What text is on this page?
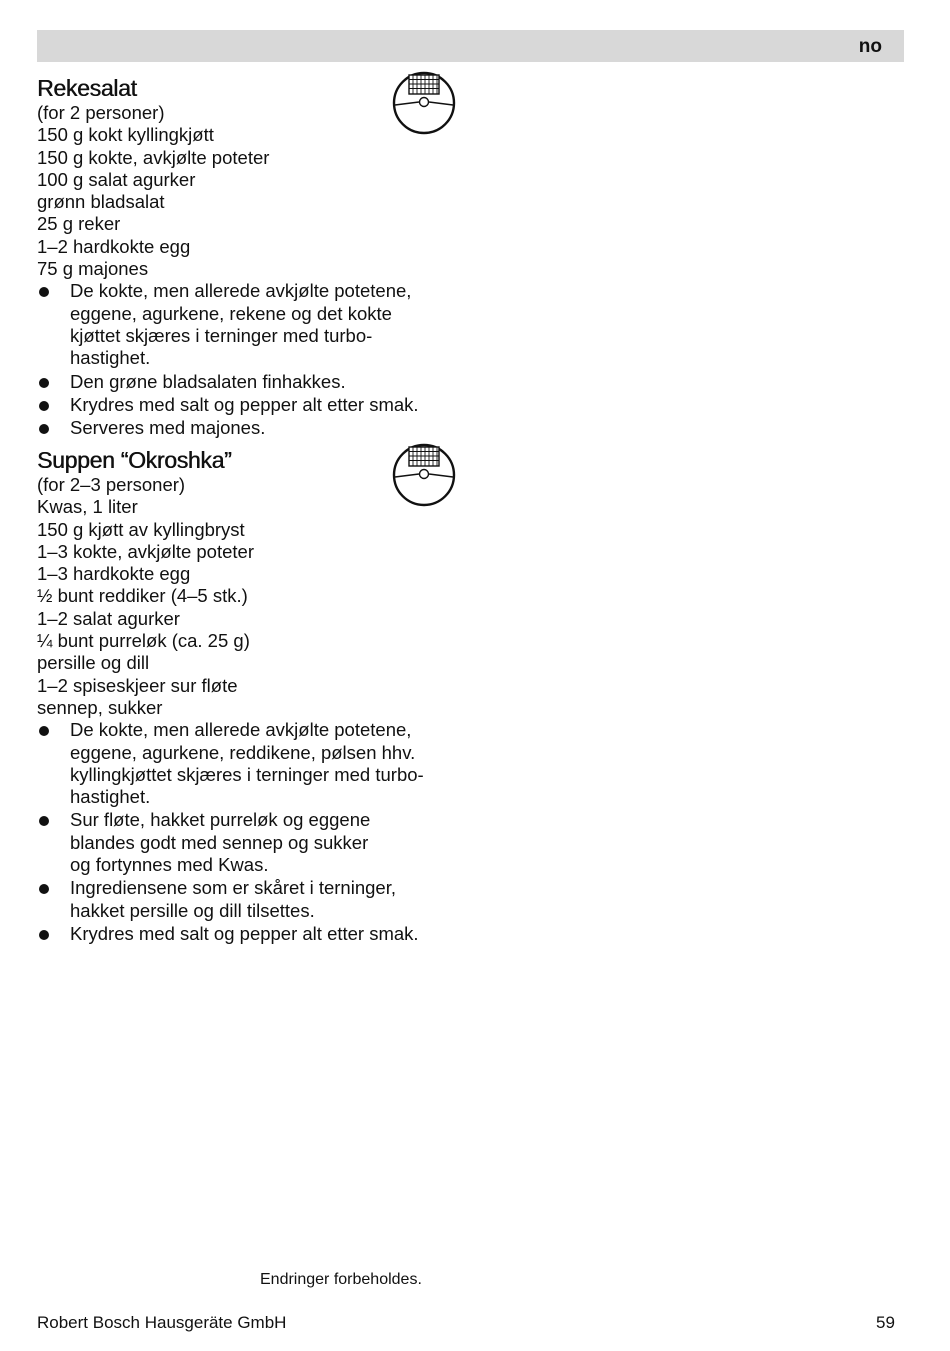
no
Rekesalat
(for 2 personer)
150 g kokt kyllingkjøtt
150 g kokte, avkjølte poteter
100 g salat agurker
grønn bladsalat
25 g reker
1–2 hardkokte egg
75 g majones
De kokte, men allerede avkjølte potetene,
eggene, agurkene, rekene og det kokte
kjøttet skjæres i terninger med turbo-
hastighet.
Den grøne bladsalaten finhakkes.
Krydres med salt og pepper alt etter smak.
Serveres med majones.
Suppen “Okroshka”
(for 2–3 personer)
Kwas, 1 liter
150 g kjøtt av kyllingbryst
1–3 kokte, avkjølte poteter
1–3 hardkokte egg
½ bunt reddiker (4–5 stk.)
1–2 salat agurker
¼ bunt purreløk (ca. 25 g)
persille og dill
1–2 spiseskjeer sur fløte
sennep, sukker
De kokte, men allerede avkjølte potetene,
eggene, agurkene, reddikene, pølsen hhv.
kyllingkjøttet skjæres i terninger med turbo-
hastighet.
Sur fløte, hakket purreløk og eggene
blandes godt med sennep og sukker
og fortynnes med Kwas.
Ingrediensene som er skåret i terninger,
hakket persille og dill tilsettes.
Krydres med salt og pepper alt etter smak.
Endringer forbeholdes.
Robert Bosch Hausgeräte GmbH	59
